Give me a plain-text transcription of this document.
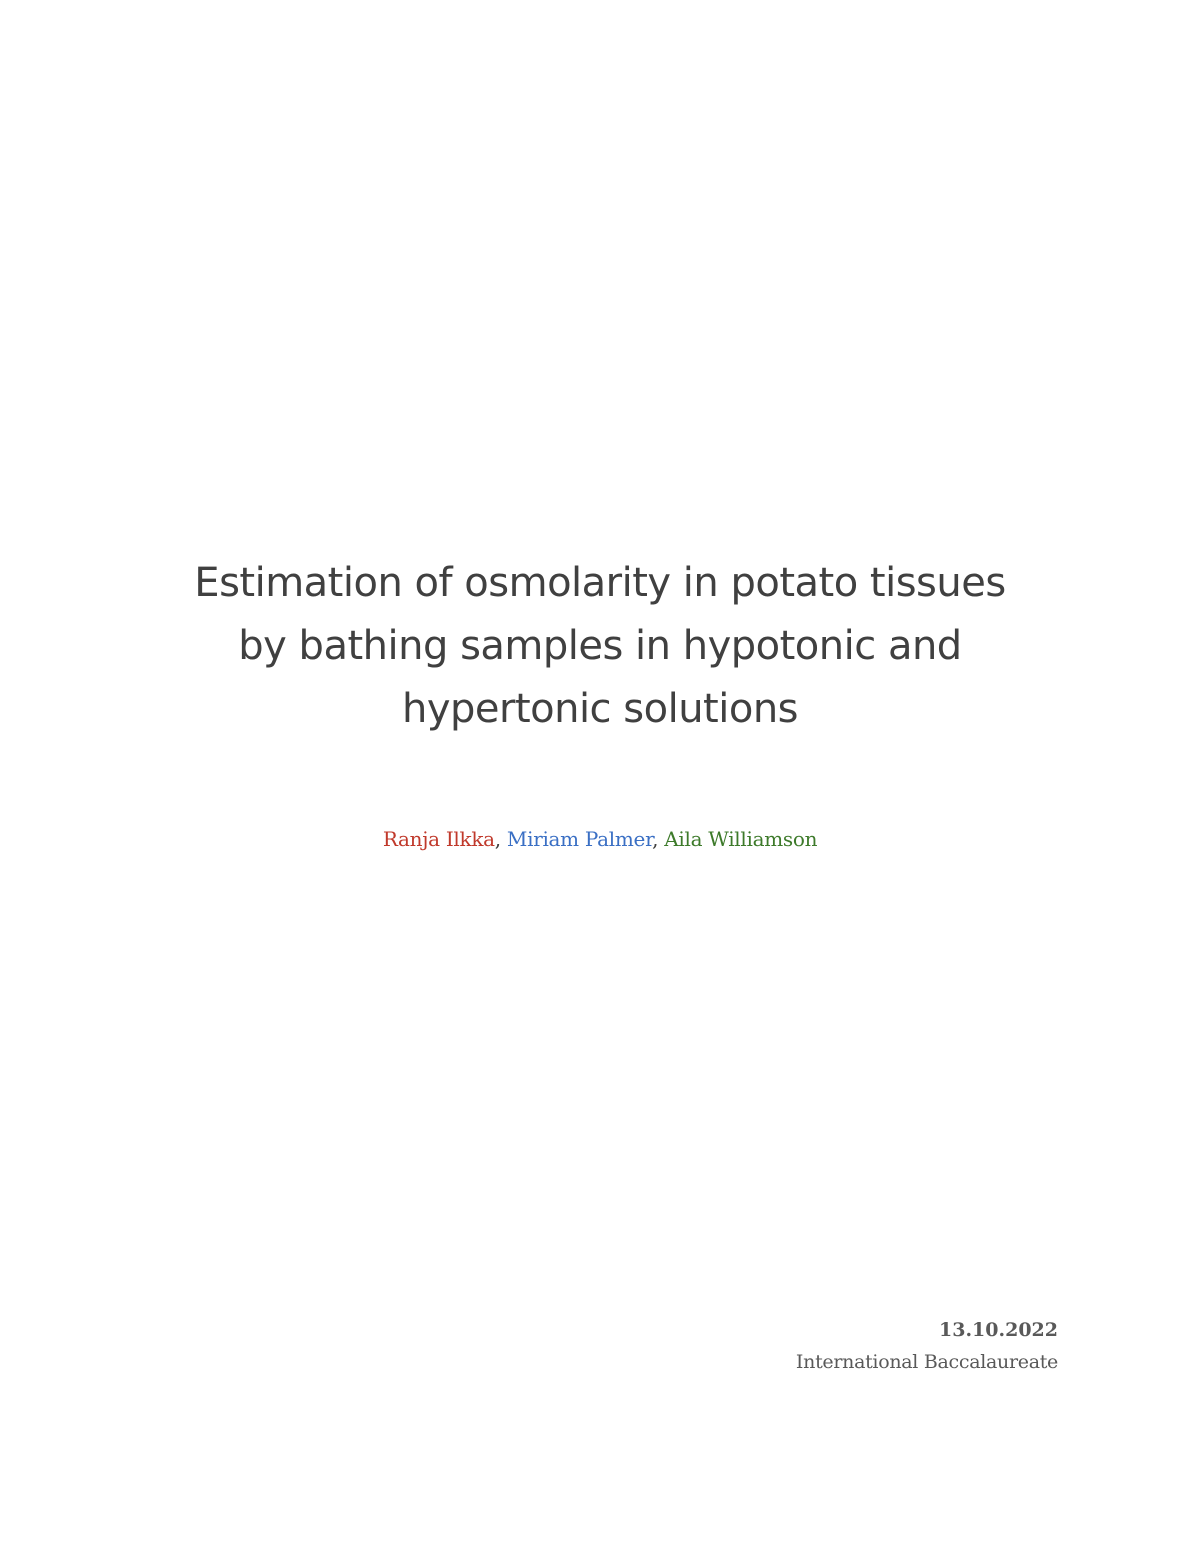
Estimation of osmolarity in potato tissues
by bathing samples in hypotonic and
hypertonic solutions
Ranja Ilkka, Miriam Palmer, Aila Williamson
13.10.2022
International Baccalaureate
